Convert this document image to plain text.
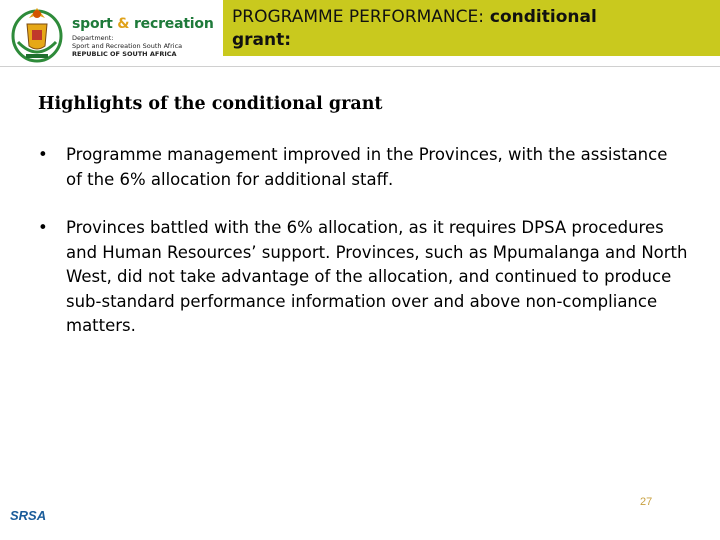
sport & recreation
Department:
Sport and Recreation South Africa
REPUBLIC OF SOUTH AFRICA
PROGRAMME PERFORMANCE: conditional
grant:
Highlights of the conditional grant
• Programme management improved in the Provinces, with the assistance of the 6% allocation for additional staff.
• Provinces battled with the 6% allocation, as it requires DPSA procedures and Human Resources’ support. Provinces, such as Mpumalanga and North West, did not take advantage of the allocation, and continued to produce sub-standard performance information over and above non-compliance matters.
27
SRSA
